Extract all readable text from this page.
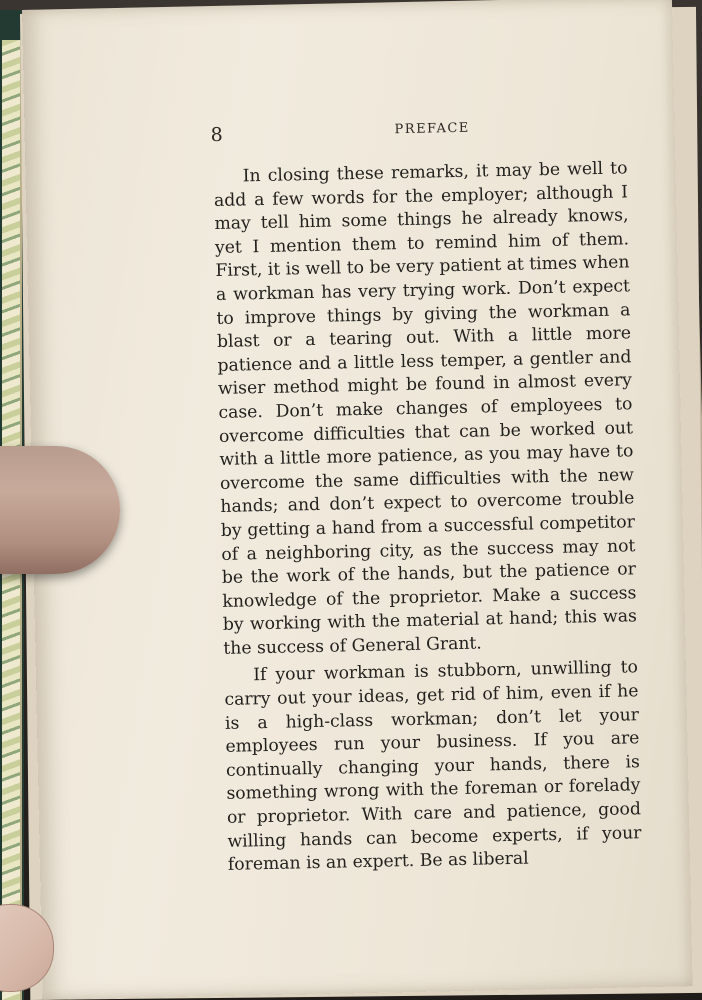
8	PREFACE

In closing these remarks, it may be well to add a few words for the employer; although I may tell him some things he already knows, yet I mention them to remind him of them. First, it is well to be very patient at times when a workman has very trying work. Don’t expect to improve things by giving the workman a blast or a tearing out. With a little more patience and a little less temper, a gentler and wiser method might be found in almost every case. Don’t make changes of employees to overcome difficulties that can be worked out with a little more patience, as you may have to overcome the same difficulties with the new hands; and don’t expect to overcome trouble by getting a hand from a successful competitor of a neighboring city, as the success may not be the work of the hands, but the patience or knowledge of the proprietor. Make a success by working with the material at hand; this was the success of General Grant.

If your workman is stubborn, unwilling to carry out your ideas, get rid of him, even if he is a high-class workman; don’t let your employees run your business. If you are continually changing your hands, there is something wrong with the foreman or forelady or proprietor. With care and patience, good willing hands can become experts, if your foreman is an expert. Be as liberal
